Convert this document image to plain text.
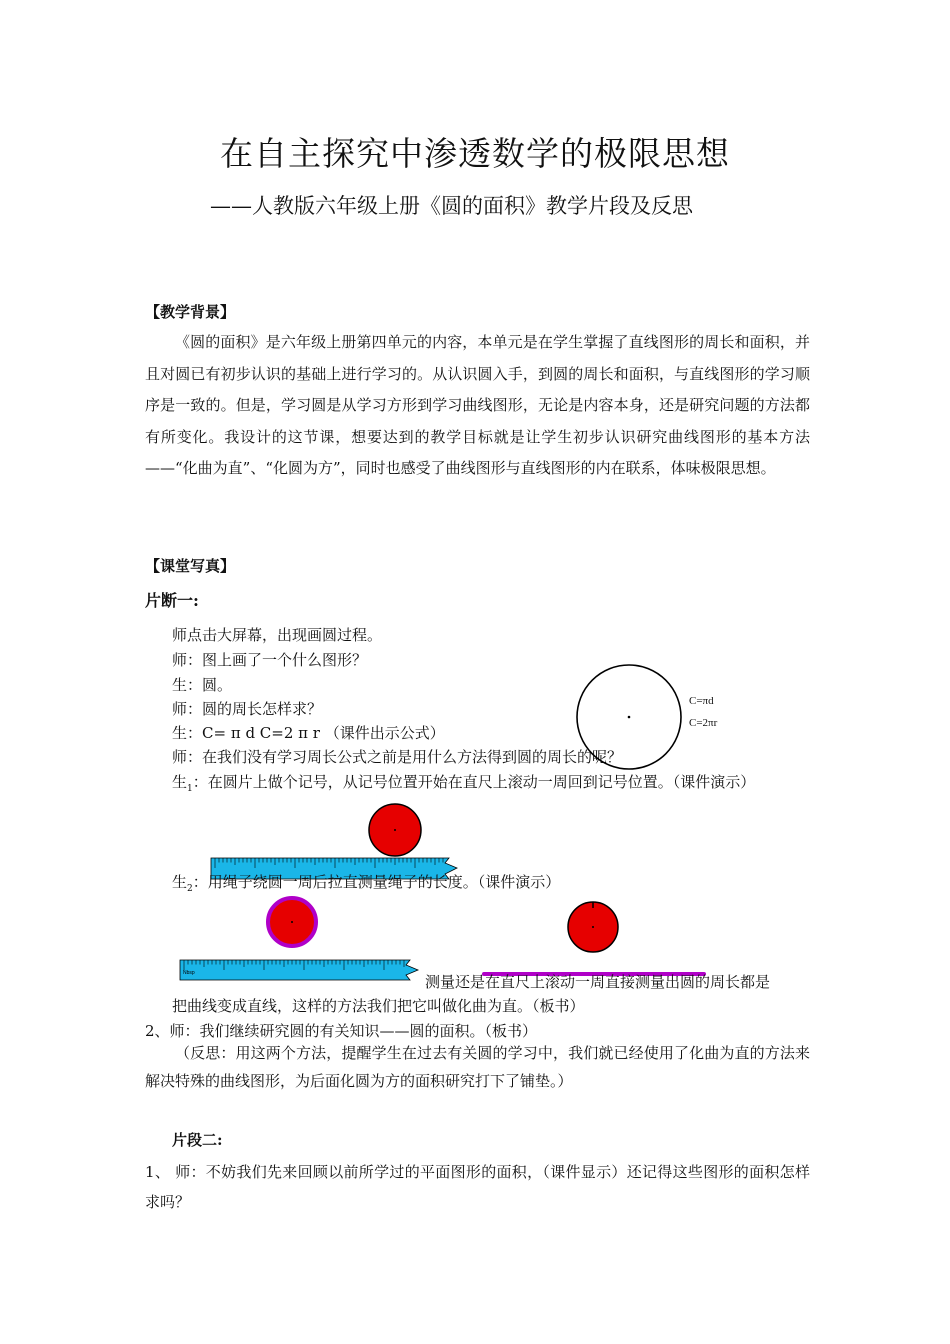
在自主探究中渗透数学的极限思想
——人教版六年级上册《圆的面积》教学片段及反思
【教学背景】
《圆的面积》是六年级上册第四单元的内容，本单元是在学生掌握了直线图形的周长和面积，并且对圆已有初步认识的基础上进行学习的。从认识圆入手，到圆的周长和面积，与直线图形的学习顺序是一致的。但是，学习圆是从学习方形到学习曲线图形，无论是内容本身，还是研究问题的方法都有所变化。我设计的这节课，想要达到的教学目标就是让学生初步认识研究曲线图形的基本方法——“化曲为直”、“化圆为方”，同时也感受了曲线图形与直线图形的内在联系，体味极限思想。
【课堂写真】
片断一:
师点击大屏幕，出现画圆过程。
师：图上画了一个什么图形？
生：圆。
师：圆的周长怎样求？
生：C= π d C=2 π r （课件出示公式）
师：在我们没有学习周长公式之前是用什么方法得到圆的周长的呢？
C=πd
C=2πr
生$_1$：在圆片上做个记号，从记号位置开始在直尺上滚动一周回到记号位置。（课件演示）
生$_2$：用绳子绕圆一周后拉直测量绳子的长度。（课件演示）
Nbsp	测量还是在直尺上滚动一周直接测量出圆的周长都是
把曲线变成直线，这样的方法我们把它叫做化曲为直。（板书）
2、师：我们继续研究圆的有关知识——圆的面积。（板书）
（反思：用这两个方法，提醒学生在过去有关圆的学习中，我们就已经使用了化曲为直的方法来解决特殊的曲线图形，为后面化圆为方的面积研究打下了铺垫。）
片段二:
1、 师：不妨我们先来回顾以前所学过的平面图形的面积，（课件显示）还记得这些图形的面积怎样求吗？
